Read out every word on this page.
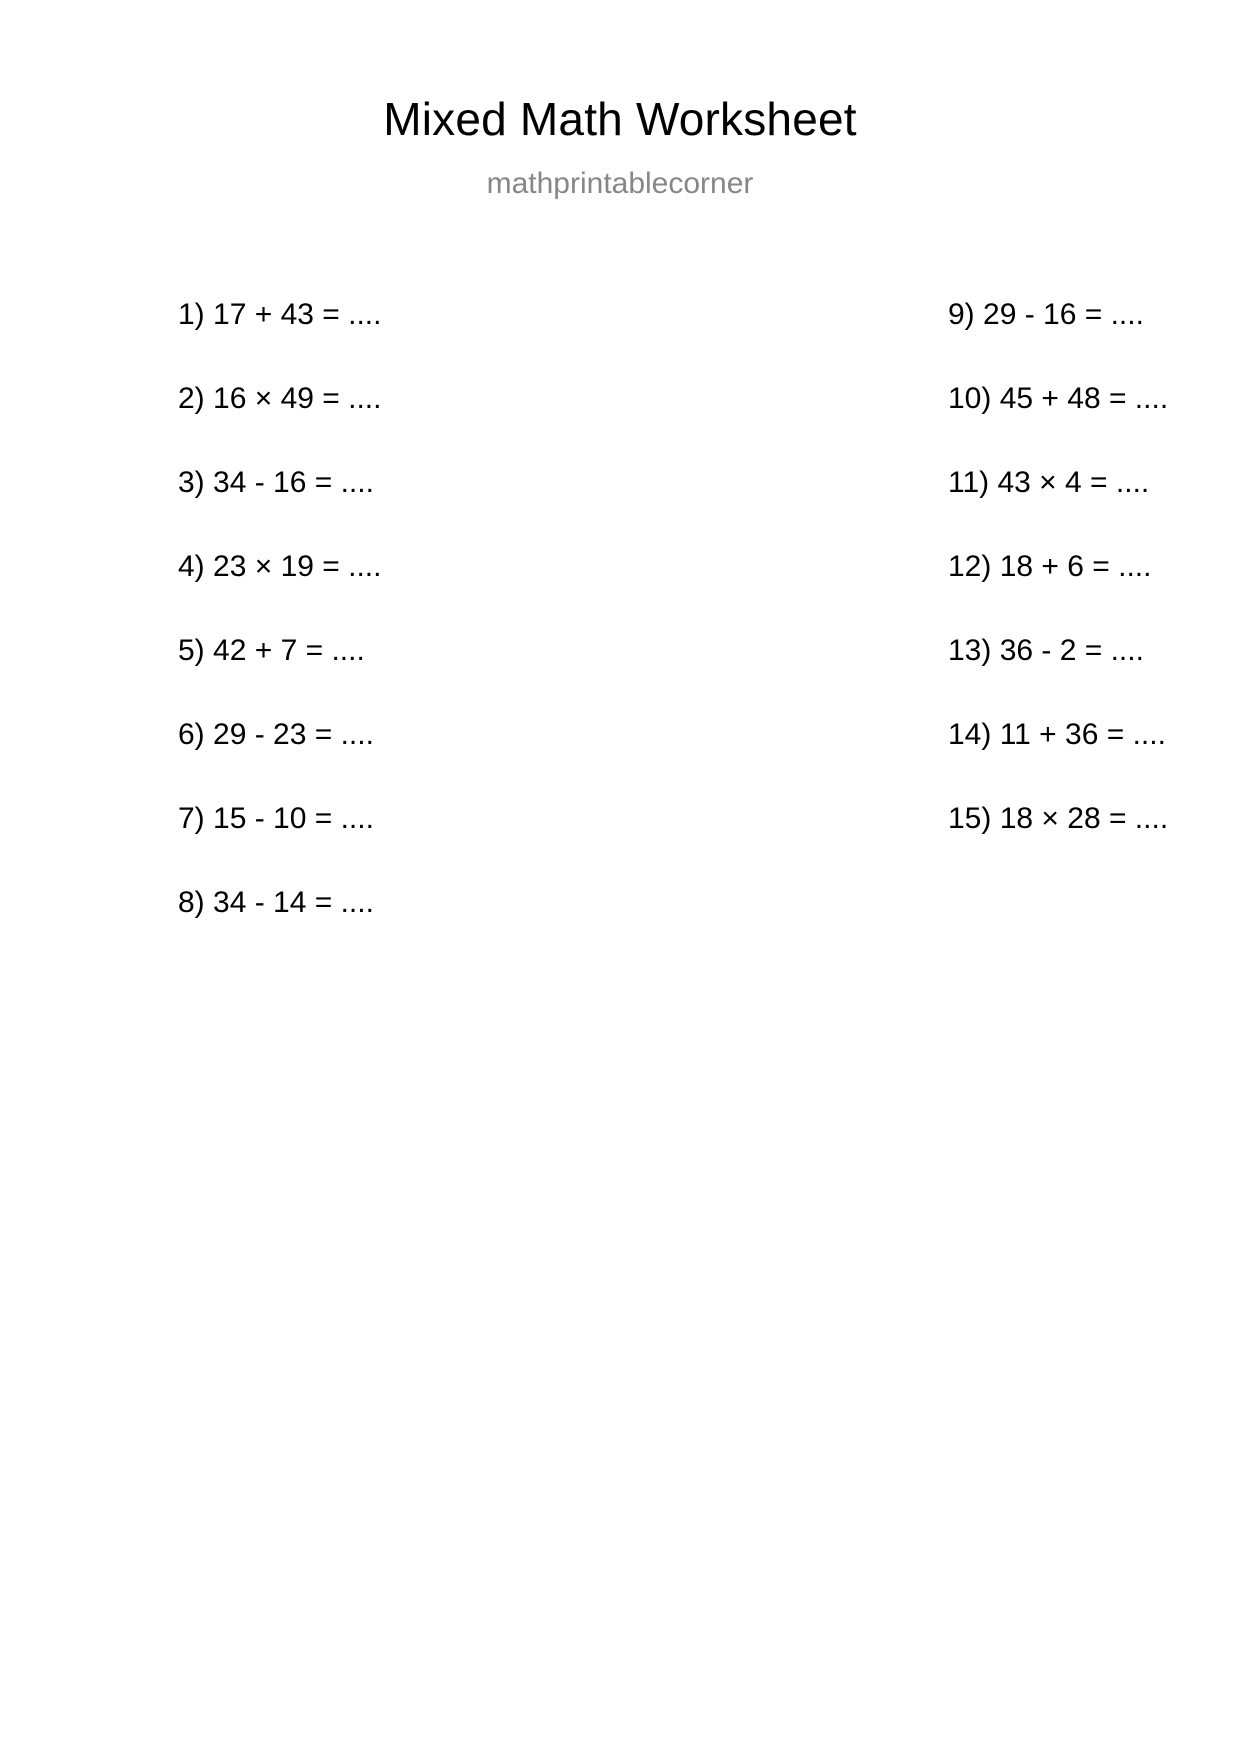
Mixed Math Worksheet
mathprintablecorner
1) 17 + 43 = ....
2) 16 × 49 = ....
3) 34 - 16 = ....
4) 23 × 19 = ....
5) 42 + 7 = ....
6) 29 - 23 = ....
7) 15 - 10 = ....
8) 34 - 14 = ....
9) 29 - 16 = ....
10) 45 + 48 = ....
11) 43 × 4 = ....
12) 18 + 6 = ....
13) 36 - 2 = ....
14) 11 + 36 = ....
15) 18 × 28 = ....
